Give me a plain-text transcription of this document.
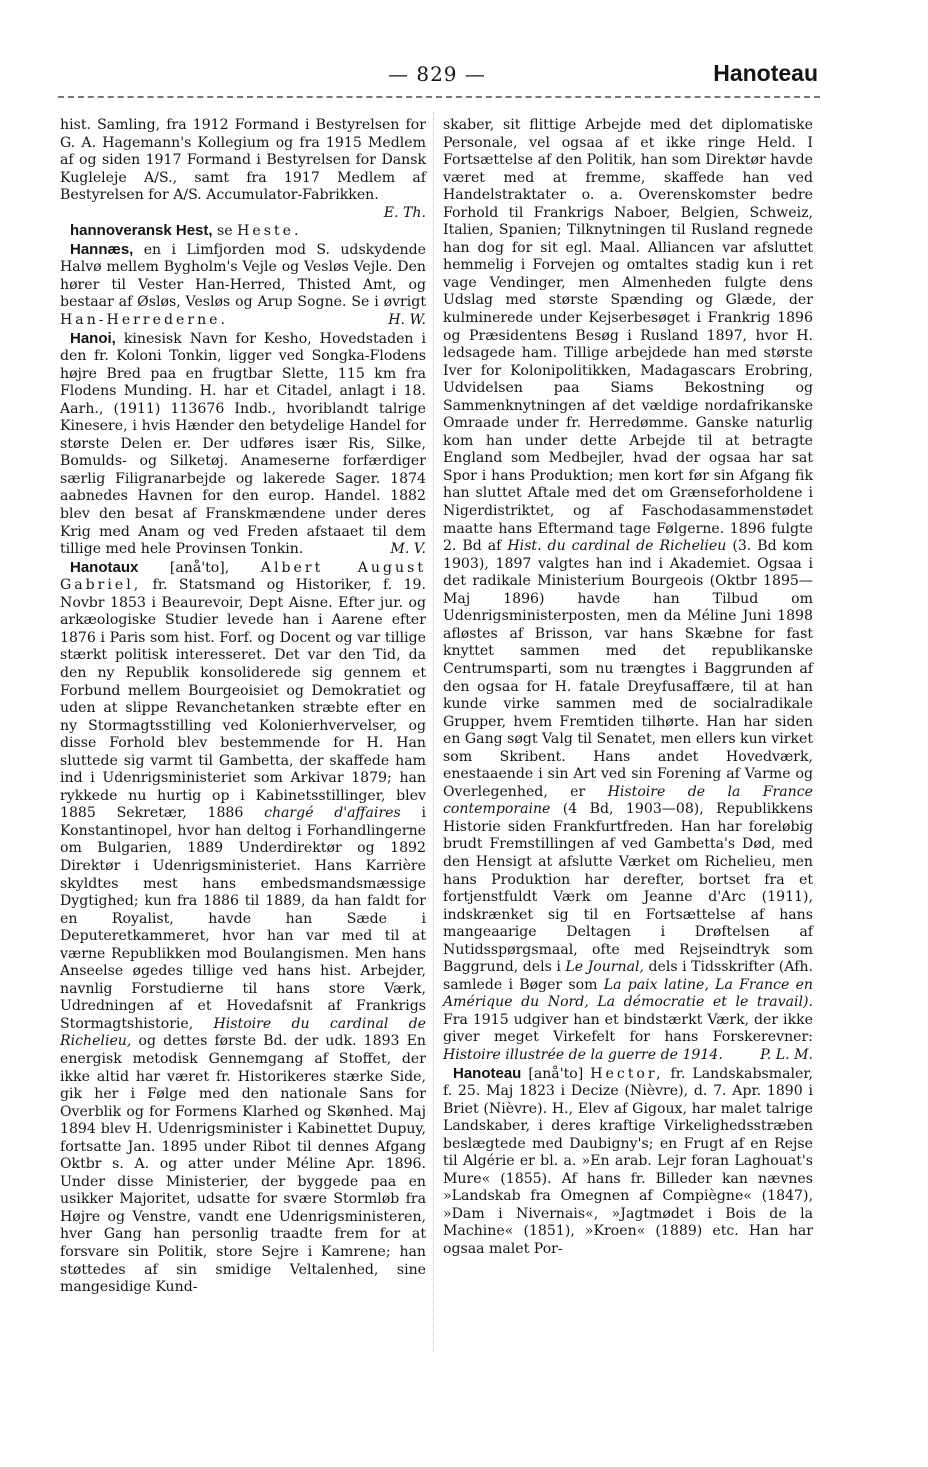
— 829 —	Hanoteau

hist. Samling, fra 1912 Formand i Bestyrelsen for G. A. Hagemann's Kollegium og fra 1915 Medlem af og siden 1917 Formand i Bestyrelsen for Dansk Kugleleje A/S., samt fra 1917 Medlem af Bestyrelsen for A/S. Accumulator-Fabrikken.

E. Th.

hannoveransk Hest, se Heste.

Hannæs, en i Limfjorden mod S. udskydende Halvø mellem Bygholm's Vejle og Vesløs Vejle. Den hører til Vester Han-Herred, Thisted Amt, og bestaar af Øsløs, Vesløs og Arup Sogne. Se i øvrigt Han-Herrederne.	H. W.

Hanoi, kinesisk Navn for Kesho, Hovedstaden i den fr. Koloni Tonkin, ligger ved Songka-Flodens højre Bred paa en frugtbar Slette, 115 km fra Flodens Munding. H. har et Citadel, anlagt i 18. Aarh., (1911) 113676 Indb., hvoriblandt talrige Kinesere, i hvis Hænder den betydelige Handel for største Delen er. Der udføres især Ris, Silke, Bomulds- og Silketøj. Anameserne forfærdiger særlig Filigranarbejde og lakerede Sager. 1874 aabnedes Havnen for den europ. Handel. 1882 blev den besat af Franskmændene under deres Krig med Anam og ved Freden afstaaet til dem tillige med hele Provinsen Tonkin.	M. V.

Hanotaux [anå'to], Albert August Gabriel, fr. Statsmand og Historiker, f. 19. Novbr 1853 i Beaurevoir, Dept Aisne. Efter jur. og arkæologiske Studier levede han i Aarene efter 1876 i Paris som hist. Forf. og Docent og var tillige stærkt politisk interesseret. Det var den Tid, da den ny Republik konsoliderede sig gennem et Forbund mellem Bourgeoisiet og Demokratiet og uden at slippe Revanchetanken stræbte efter en ny Stormagtsstilling ved Kolonierhvervelser, og disse Forhold blev bestemmende for H. Han sluttede sig varmt til Gambetta, der skaffede ham ind i Udenrigsministeriet som Arkivar 1879; han rykkede nu hurtig op i Kabinetsstillinger, blev 1885 Sekretær, 1886 chargé d'affaires i Konstantinopel, hvor han deltog i Forhandlingerne om Bulgarien, 1889 Underdirektør og 1892 Direktør i Udenrigsministeriet. Hans Karrière skyldtes mest hans embedsmandsmæssige Dygtighed; kun fra 1886 til 1889, da han faldt for en Royalist, havde han Sæde i Deputeretkammeret, hvor han var med til at værne Republikken mod Boulangismen. Men hans Anseelse øgedes tillige ved hans hist. Arbejder, navnlig Forstudierne til hans store Værk, Udredningen af et Hovedafsnit af Frankrigs Stormagtshistorie, Histoire du cardinal de Richelieu, og dettes første Bd. der udk. 1893 En energisk metodisk Gennemgang af Stoffet, der ikke altid har været fr. Historikeres stærke Side, gik her i Følge med den nationale Sans for Overblik og for Formens Klarhed og Skønhed. Maj 1894 blev H. Udenrigsminister i Kabinettet Dupuy, fortsatte Jan. 1895 under Ribot til dennes Afgang Oktbr s. A. og atter under Méline Apr. 1896. Under disse Ministerier, der byggede paa en usikker Majoritet, udsatte for svære Stormløb fra Højre og Venstre, vandt ene Udenrigsministeren, hver Gang han personlig traadte frem for at forsvare sin Politik, store Sejre i Kamrene; han støttedes af sin smidige Veltalenhed, sine mangesidige Kund-

skaber, sit flittige Arbejde med det diplomatiske Personale, vel ogsaa af et ikke ringe Held. I Fortsættelse af den Politik, han som Direktør havde været med at fremme, skaffede han ved Handelstraktater o. a. Overenskomster bedre Forhold til Frankrigs Naboer, Belgien, Schweiz, Italien, Spanien; Tilknytningen til Rusland regnede han dog for sit egl. Maal. Alliancen var afsluttet hemmelig i Forvejen og omtaltes stadig kun i ret vage Vendinger, men Almenheden fulgte dens Udslag med største Spænding og Glæde, der kulminerede under Kejserbesøget i Frankrig 1896 og Præsidentens Besøg i Rusland 1897, hvor H. ledsagede ham. Tillige arbejdede han med største Iver for Kolonipolitikken, Madagascars Erobring, Udvidelsen paa Siams Bekostning og Sammenknytningen af det vældige nordafrikanske Omraade under fr. Herredømme. Ganske naturlig kom han under dette Arbejde til at betragte England som Medbejler, hvad der ogsaa har sat Spor i hans Produktion; men kort før sin Afgang fik han sluttet Aftale med det om Grænseforholdene i Nigerdistriktet, og af Faschodasammenstødet maatte hans Eftermand tage Følgerne. 1896 fulgte 2. Bd af Hist. du cardinal de Richelieu (3. Bd kom 1903), 1897 valgtes han ind i Akademiet. Ogsaa i det radikale Ministerium Bourgeois (Oktbr 1895—Maj 1896) havde han Tilbud om Udenrigsministerposten, men da Méline Juni 1898 afløstes af Brisson, var hans Skæbne for fast knyttet sammen med det republikanske Centrumsparti, som nu trængtes i Baggrunden af den ogsaa for H. fatale Dreyfusaffære, til at han kunde virke sammen med de socialradikale Grupper, hvem Fremtiden tilhørte. Han har siden en Gang søgt Valg til Senatet, men ellers kun virket som Skribent. Hans andet Hovedværk, enestaaende i sin Art ved sin Forening af Varme og Overlegenhed, er Histoire de la France contemporaine (4 Bd, 1903—08), Republikkens Historie siden Frankfurtfreden. Han har foreløbig brudt Fremstillingen af ved Gambetta's Død, med den Hensigt at afslutte Værket om Richelieu, men hans Produktion har derefter, bortset fra et fortjenstfuldt Værk om Jeanne d'Arc (1911), indskrænket sig til en Fortsættelse af hans mangeaarige Deltagen i Drøftelsen af Nutidsspørgsmaal, ofte med Rejseindtryk som Baggrund, dels i Le Journal, dels i Tidsskrifter (Afh. samlede i Bøger som La paix latine, La France en Amérique du Nord, La démocratie et le travail). Fra 1915 udgiver han et bindstærkt Værk, der ikke giver meget Virkefelt for hans Forskerevner: Histoire illustrée de la guerre de 1914.	P. L. M.

Hanoteau [anå'to] Hector, fr. Landskabsmaler, f. 25. Maj 1823 i Decize (Nièvre), d. 7. Apr. 1890 i Briet (Nièvre). H., Elev af Gigoux, har malet talrige Landskaber, i deres kraftige Virkelighedsstræben beslægtede med Daubigny's; en Frugt af en Rejse til Algérie er bl. a. »En arab. Lejr foran Laghouat's Mure« (1855). Af hans fr. Billeder kan nævnes »Landskab fra Omegnen af Compiègne« (1847), »Dam i Nivernais«, »Jagtmødet i Bois de la Machine« (1851), »Kroen« (1889) etc. Han har ogsaa malet Por-
